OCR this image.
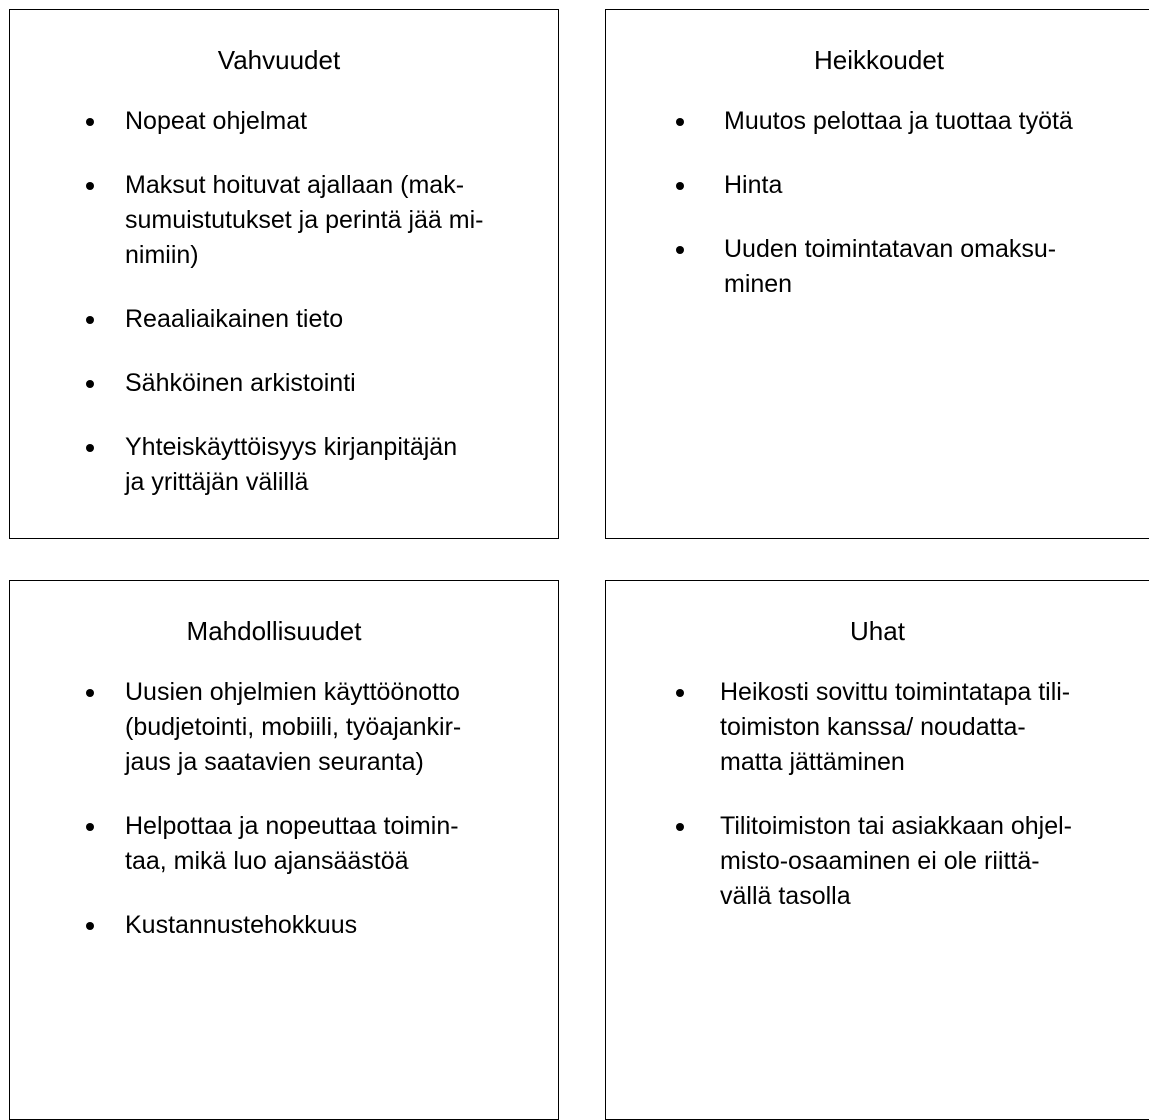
Vahvuudet
Nopeat ohjelmat
Maksut hoituvat ajallaan (mak-
sumuistutukset ja perintä jää mi-
nimiin)
Reaaliaikainen tieto
Sähköinen arkistointi
Yhteiskäyttöisyys kirjanpitäjän
ja yrittäjän välillä
Heikkoudet
Muutos pelottaa ja tuottaa työtä
Hinta
Uuden toimintatavan omaksu-
minen
Mahdollisuudet
Uusien ohjelmien käyttöönotto
(budjetointi, mobiili, työajankir-
jaus ja saatavien seuranta)
Helpottaa ja nopeuttaa toimin-
taa, mikä luo ajansäästöä
Kustannustehokkuus
Uhat
Heikosti sovittu toimintatapa tili-
toimiston kanssa/ noudatta-
matta jättäminen
Tilitoimiston tai asiakkaan ohjel-
misto-osaaminen ei ole riittä-
vällä tasolla
